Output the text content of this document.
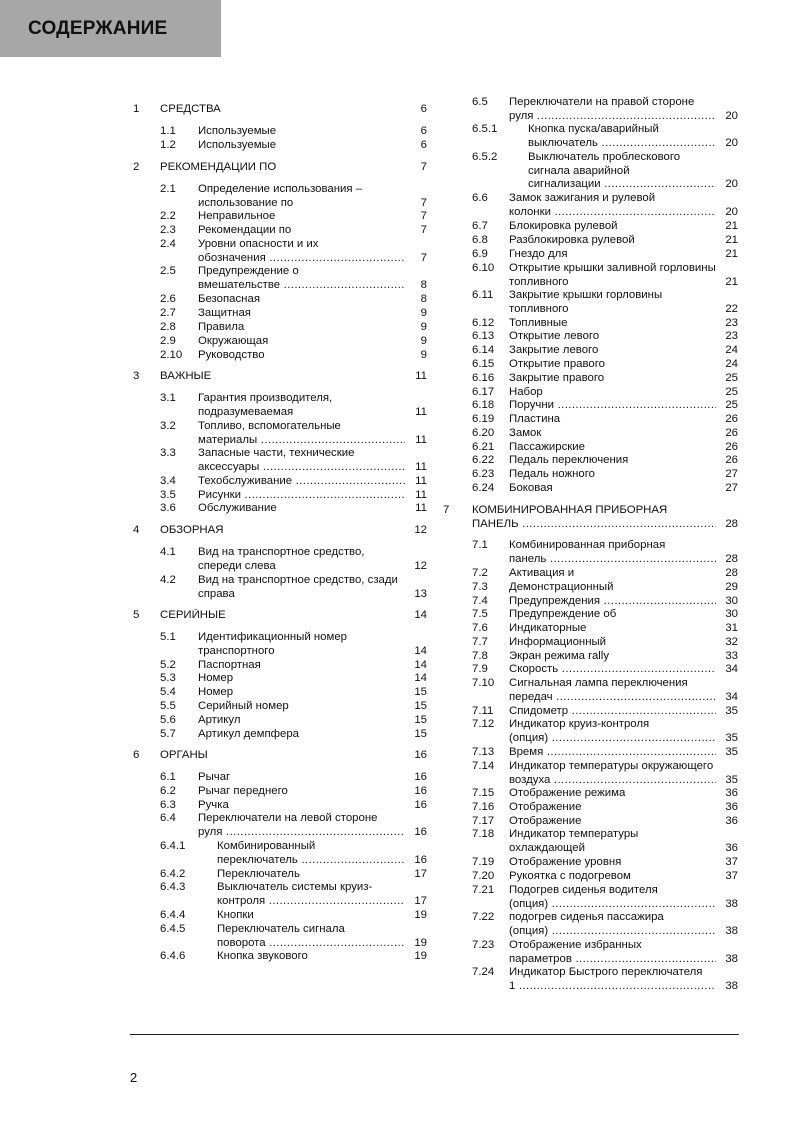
СОДЕРЖАНИЕ
1	СРЕДСТВА .....	6
1.1	Используемые .....	6
1.2	Используемые .....	6
2	РЕКОМЕНДАЦИИ ПО .....	7
2.1	Определение использования – использование по .....	7
2.2	Неправильное .....	7
2.3	Рекомендации по .....	7
2.4	Уровни опасности и их обозначения .....	7
2.5	Предупреждение о вмешательстве .....	8
2.6	Безопасная .....	8
2.7	Защитная .....	9
2.8	Правила .....	9
2.9	Окружающая .....	9
2.10	Руководство .....	9
3	ВАЖНЫЕ .....	11
3.1	Гарантия производителя, подразумеваемая .....	11
3.2	Топливо, вспомогательные материалы .....	11
3.3	Запасные части, технические аксессуары .....	11
3.4	Техобслуживание .....	11
3.5	Рисунки .....	11
3.6	Обслуживание .....	11
4	ОБЗОРНАЯ .....	12
4.1	Вид на транспортное средство, спереди слева .....	12
4.2	Вид на транспортное средство, сзади справа .....	13
5	СЕРИЙНЫЕ .....	14
5.1	Идентификационный номер транспортного .....	14
5.2	Паспортная .....	14
5.3	Номер .....	14
5.4	Номер .....	15
5.5	Серийный номер .....	15
5.6	Артикул .....	15
5.7	Артикул демпфера .....	15
6	ОРГАНЫ .....	16
6.1	Рычаг .....	16
6.2	Рычаг переднего .....	16
6.3	Ручка .....	16
6.4	Переключатели на левой стороне руля .....	16
6.4.1	Комбинированный переключатель .....	16
6.4.2	Переключатель .....	17
6.4.3	Выключатель системы круиз-контроля .....	17
6.4.4	Кнопки .....	19
6.4.5	Переключатель сигнала поворота .....	19
6.4.6	Кнопка звукового .....	19
6.5	Переключатели на правой стороне руля .....	20
6.5.1	Кнопка пуска/аварийный выключатель .....	20
6.5.2	Выключатель проблескового сигнала аварийной сигнализации .....	20
6.6	Замок зажигания и рулевой колонки .....	20
6.7	Блокировка рулевой .....	21
6.8	Разблокировка рулевой .....	21
6.9	Гнездо для .....	21
6.10	Открытие крышки заливной горловины топливного .....	21
6.11	Закрытие крышки горловины топливного .....	22
6.12	Топливные .....	23
6.13	Открытие левого .....	23
6.14	Закрытие левого .....	24
6.15	Открытие правого .....	24
6.16	Закрытие правого .....	25
6.17	Набор .....	25
6.18	Поручни .....	25
6.19	Пластина .....	26
6.20	Замок .....	26
6.21	Пассажирские .....	26
6.22	Педаль переключения .....	26
6.23	Педаль ножного .....	27
6.24	Боковая .....	27
7	КОМБИНИРОВАННАЯ ПРИБОРНАЯ ПАНЕЛЬ .....	28
7.1	Комбинированная приборная панель .....	28
7.2	Активация и .....	28
7.3	Демонстрационный .....	29
7.4	Предупреждения .....	30
7.5	Предупреждение об .....	30
7.6	Индикаторные .....	31
7.7	Информационный .....	32
7.8	Экран режима rally .....	33
7.9	Скорость .....	34
7.10	Сигнальная лампа переключения передач .....	34
7.11	Спидометр .....	35
7.12	Индикатор круиз-контроля (опция) .....	35
7.13	Время .....	35
7.14	Индикатор температуры окружающего воздуха .....	35
7.15	Отображение режима .....	36
7.16	Отображение .....	36
7.17	Отображение .....	36
7.18	Индикатор температуры охлаждающей .....	36
7.19	Отображение уровня .....	37
7.20	Рукоятка с подогревом .....	37
7.21	Подогрев сиденья водителя (опция) .....	38
7.22	подогрев сиденья пассажира (опция) .....	38
7.23	Отображение избранных параметров .....	38
7.24	Индикатор Быстрого переключателя 1 .....	38
2
